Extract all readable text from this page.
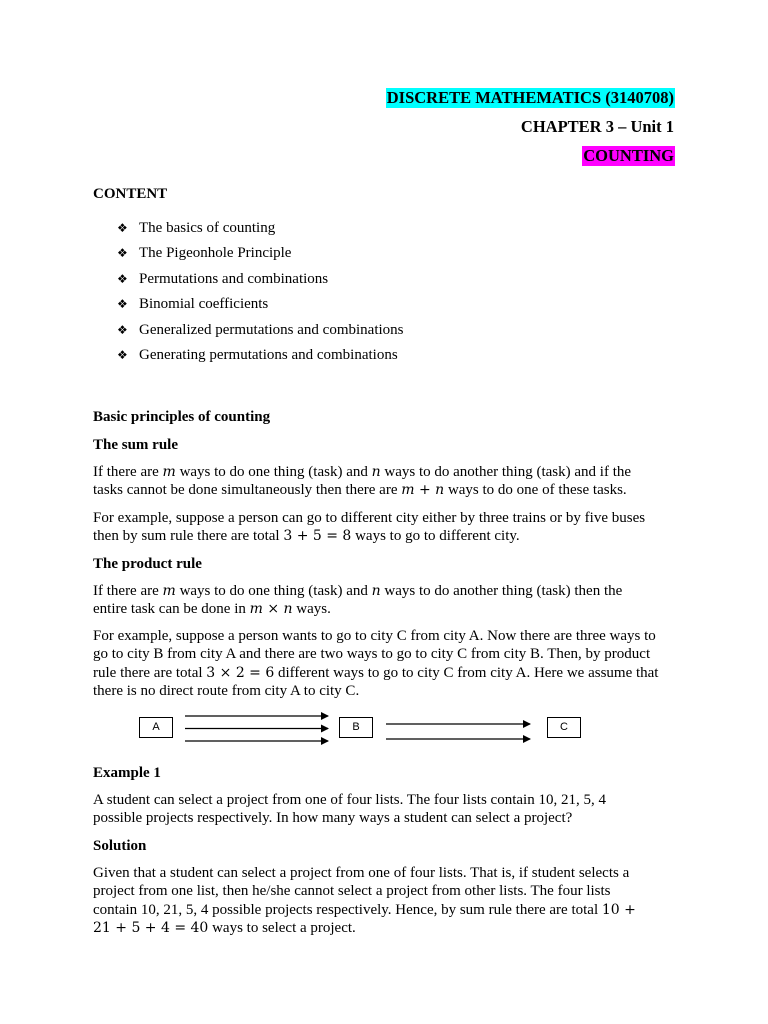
DISCRETE MATHEMATICS (3140708)
CHAPTER 3 – Unit 1
COUNTING
CONTENT
❖ The basics of counting
❖ The Pigeonhole Principle
❖ Permutations and combinations
❖ Binomial coefficients
❖ Generalized permutations and combinations
❖ Generating permutations and combinations
Basic principles of counting
The sum rule
If there are m ways to do one thing (task) and n ways to do another thing (task) and if the
tasks cannot be done simultaneously then there are m + n ways to do one of these tasks.
For example, suppose a person can go to different city either by three trains or by five buses
then by sum rule there are total 3 + 5 = 8 ways to go to different city.
The product rule
If there are m ways to do one thing (task) and n ways to do another thing (task) then the
entire task can be done in m × n ways.
For example, suppose a person wants to go to city C from city A. Now there are three ways to
go to city B from city A and there are two ways to go to city C from city B. Then, by product
rule there are total 3 × 2 = 6 different ways to go to city C from city A. Here we assume that
there is no direct route from city A to city C.
A	B	C
Example 1
A student can select a project from one of four lists. The four lists contain 10, 21, 5, 4
possible projects respectively. In how many ways a student can select a project?
Solution
Given that a student can select a project from one of four lists. That is, if student selects a
project from one list, then he/she cannot select a project from other lists. The four lists
contain 10, 21, 5, 4 possible projects respectively. Hence, by sum rule there are total 10 +
21 + 5 + 4 = 40 ways to select a project.
